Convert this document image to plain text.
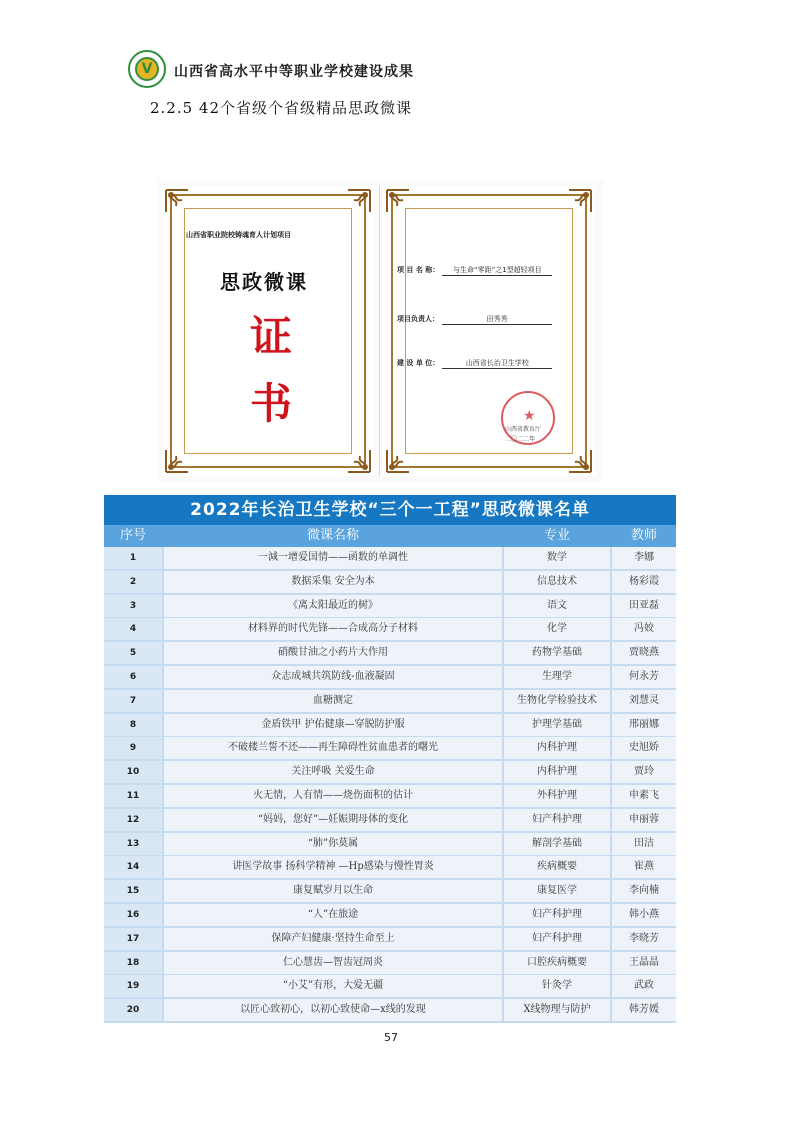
V	山西省高水平中等职业学校建设成果
2.2.5 42个省级个省级精品思政微课
山西省职业院校铸魂育人计划项目
思政微课
证
书
项 目 名 称： 与生命“零距”之1型超轻项目
项目负责人：	田秀秀
建 设 单 位：	山西省长治卫生学校
★
山西省教育厅
二〇二二年
2022年长治卫生学校“三个一工程”思政微课名单
序号	微课名称	专业	教师
1	一減一增爱国情——函数的单调性	数学	李娜
2	数据采集 安全为本	信息技术	杨彩霞
3	《离太阳最近的树》	语文	田亚磊
4	材料界的时代先锋——合成高分子材料	化学	冯姣
5	硝酸甘油之小药片大作用	药物学基础	贾晓燕
6	众志成城共筑防线-血液凝固	生理学	何永芳
7	血糖测定	生物化学检验技术	刘慧灵
8	金盾铁甲 护佑健康—穿脱防护服	护理学基础	邢丽娜
9	不破楼兰誓不还——再生障碍性贫血患者的曙光	内科护理	史旭娇
10	关注呼吸 关爱生命	内科护理	贾玲
11	火无情，人有情——烧伤面积的估计	外科护理	申素飞
12	“妈妈，您好”—妊娠期母体的变化	妇产科护理	申丽蓉
13	“肺”你莫属	解剖学基础	田洁
14	讲医学故事 扬科学精神 —Hp感染与慢性胃炎	疾病概要	崔燕
15	康复赋岁月以生命	康复医学	李向楠
16	“人”在旅途	妇产科护理	韩小燕
17	保障产妇健康·坚持生命至上	妇产科护理	李晓芳
18	仁心慧齿—智齿冠周炎	口腔疾病概要	王晶晶
19	“小艾”有形，大爱无疆	针灸学	武政
20	以匠心致初心，以初心致使命—x线的发现	X线物理与防护	韩芳媛
57
